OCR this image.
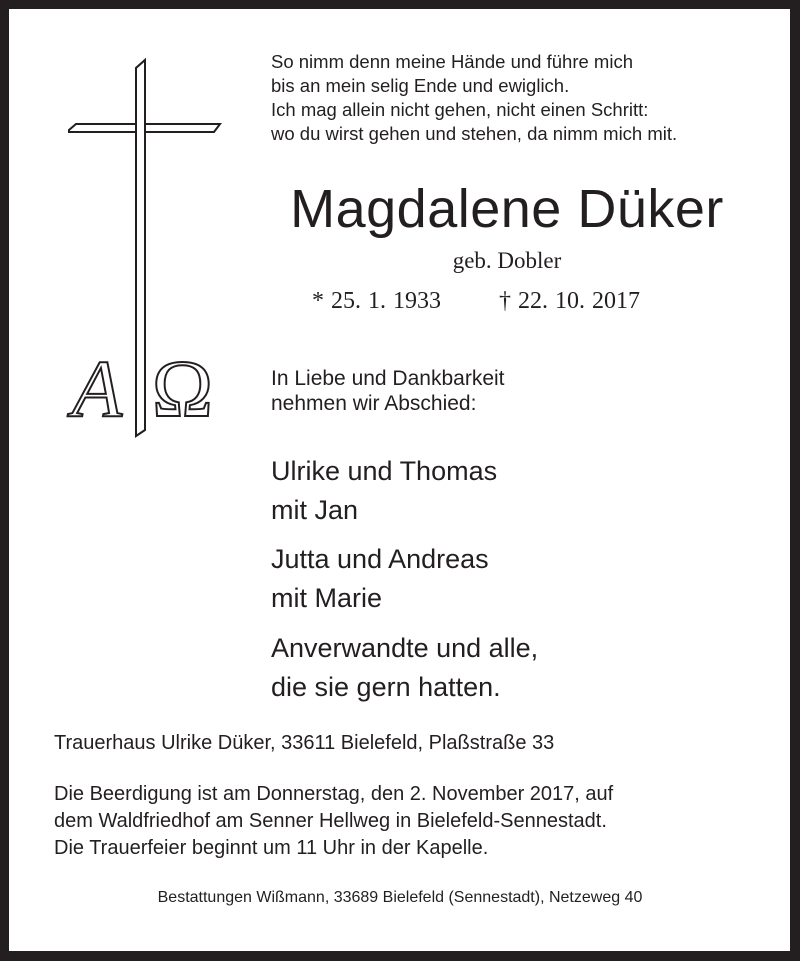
A Ω
So nimm denn meine Hände und führe mich
bis an mein selig Ende und ewiglich.
Ich mag allein nicht gehen, nicht einen Schritt:
wo du wirst gehen und stehen, da nimm mich mit.
Magdalene Düker
geb. Dobler
* 25. 1. 1933 † 22. 10. 2017
In Liebe und Dankbarkeit
nehmen wir Abschied:
Ulrike und Thomas
mit Jan
Jutta und Andreas
mit Marie
Anverwandte und alle,
die sie gern hatten.
Trauerhaus Ulrike Düker, 33611 Bielefeld, Plaßstraße 33
Die Beerdigung ist am Donnerstag, den 2. November 2017, auf
dem Waldfriedhof am Senner Hellweg in Bielefeld-Sennestadt.
Die Trauerfeier beginnt um 11 Uhr in der Kapelle.
Bestattungen Wißmann, 33689 Bielefeld (Sennestadt), Netzeweg 40
